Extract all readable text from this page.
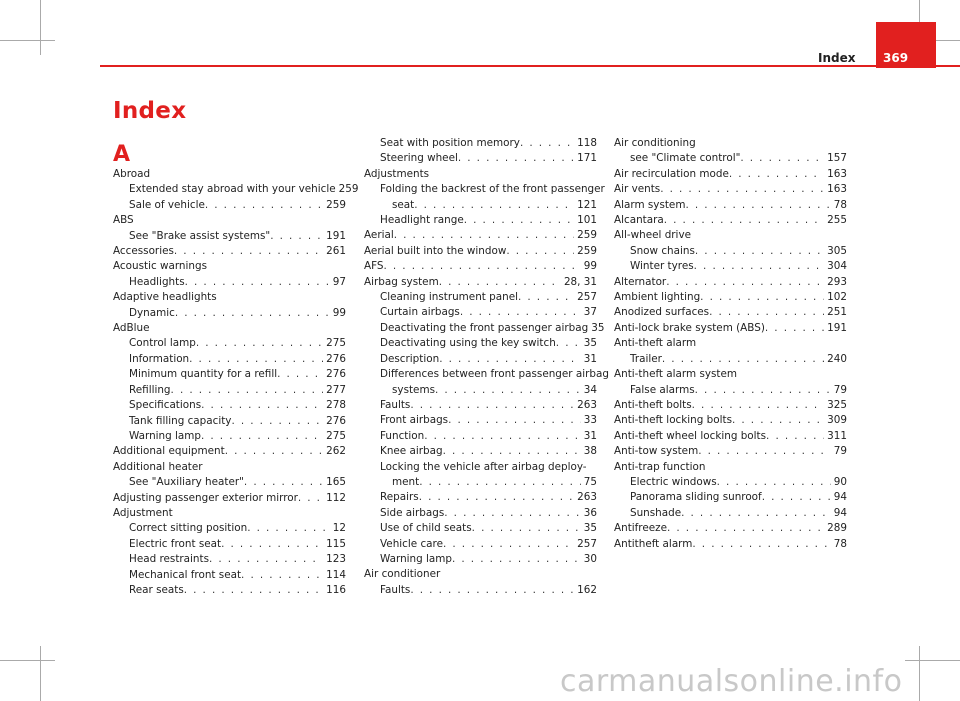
Index 369
Index
A
Abroad
Extended stay abroad with your vehicle 259
Sale of vehicle . . .	259
ABS
See "Brake assist systems" . . .	191
Accessories . . .	261
Acoustic warnings
Headlights . . .	97
Adaptive headlights
Dynamic . . .	99
AdBlue
Control lamp . . .	275
Information . . .	276
Minimum quantity for a refill . . .	276
Refilling . . .	277
Specifications . . .	278
Tank filling capacity . . .	276
Warning lamp . . .	275
Additional equipment . . .	262
Additional heater
See "Auxiliary heater" . . .	165
Adjusting passenger exterior mirror . . .	112
Adjustment
Correct sitting position . . .	12
Electric front seat . . .	115
Head restraints . . .	123
Mechanical front seat . . .	114
Rear seats . . .	116
Seat with position memory . . .	118
Steering wheel . . .	171
Adjustments
Folding the backrest of the front passenger
seat . . .	121
Headlight range . . .	101
Aerial . . .	259
Aerial built into the window . . .	259
AFS . . .	99
Airbag system . . .	28, 31
Cleaning instrument panel . . .	257
Curtain airbags . . .	37
Deactivating the front passenger airbag 35
Deactivating using the key switch . . .	35
Description . . .	31
Differences between front passenger airbag
systems . . .	34
Faults . . .	263
Front airbags . . .	33
Function . . .	31
Knee airbag . . .	38
Locking the vehicle after airbag deploy-
ment . . .	75
Repairs . . .	263
Side airbags . . .	36
Use of child seats . . .	35
Vehicle care . . .	257
Warning lamp . . .	30
Air conditioner
Faults . . .	162
Air conditioning
see "Climate control" . . .	157
Air recirculation mode . . .	163
Air vents . . .	163
Alarm system . . .	78
Alcantara . . .	255
All-wheel drive
Snow chains . . .	305
Winter tyres . . .	304
Alternator . . .	293
Ambient lighting . . .	102
Anodized surfaces . . .	251
Anti-lock brake system (ABS) . . .	191
Anti-theft alarm
Trailer . . .	240
Anti-theft alarm system
False alarms . . .	79
Anti-theft bolts . . .	325
Anti-theft locking bolts . . .	309
Anti-theft wheel locking bolts . . .	311
Anti-tow system . . .	79
Anti-trap function
Electric windows . . .	90
Panorama sliding sunroof . . .	94
Sunshade . . .	94
Antifreeze . . .	289
Antitheft alarm . . .	78
carmanualsonline.info
